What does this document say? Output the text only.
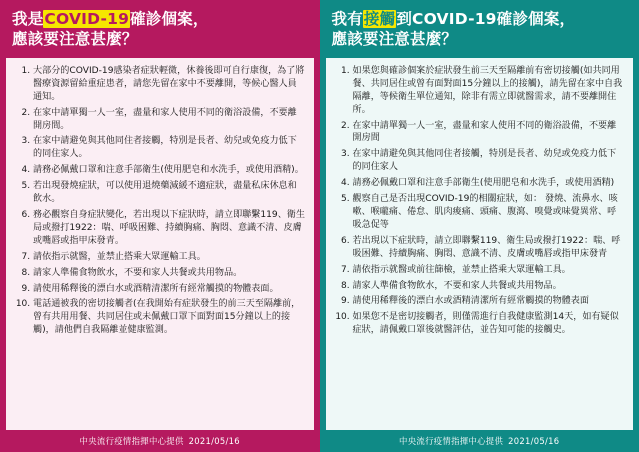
我是COVID-19確診個案，
應該要注意甚麼？
1. 大部分的COVID-19感染者症狀輕微，休養後即可自行康復，為了將醫療資源留給重症患者，請您先留在家中不要離開，等候心醫人員通知。
2. 在家中請單獨一人一室，盡量和家人使用不同的衛浴設備，不要離開房間。
3. 在家中請避免與其他同住者接觸，特別是長者、幼兒或免疫力低下的同住家人。
4. 請務必佩戴口罩和注意手部衛生(使用肥皂和水洗手，或使用酒精)。
5. 若出現發燒症狀，可以使用退燒藥減緩不適症狀，盡量私床休息和飲水。
6. 務必觀察自身症狀變化，若出現以下症狀時，請立即聯繫119、衛生局或撥打1922：喘、呼吸困難、持續胸痛、胸悶、意識不清、皮膚或嘴唇或指甲床發青。
7. 請依指示就醫，並禁止搭乘大眾運輸工具。
8. 請家人準備食物飲水，不要和家人共餐或共用物品。
9. 請使用稀釋後的漂白水或酒精清潔所有經常觸摸的物體表面。
10. 電話通被我的密切接觸者(在我開始有症狀發生的前三天至隔離前，曾有共用用餐、共同居住或未佩戴口罩下面對面15分鐘以上的接觸)，請他們自我隔離並健康監測。
中央流行疫情指揮中心提供 2021/05/16
我有接觸到COVID-19確診個案，
應該要注意甚麼？
1. 如果您與確診個案於症狀發生前三天至隔離前有密切接觸(如共同用餐、共同居住或曾有面對面15分鐘以上的接觸)，請先留在家中自我隔離，等候衛生單位通知，除非有需立即就醫需求，請不要離開住所。
2. 在家中請單獨一人一室，盡量和家人使用不同的衛浴設備，不要離開房間
3. 在家中請避免與其他同住者接觸，特別是長者、幼兒或免疫力低下的同住家人
4. 請務必佩戴口罩和注意手部衛生(使用肥皂和水洗手，或使用酒精)
5. 觀察自己是否出現COVID-19的相關症狀，如： 發燒、流鼻水、咳嗽、喉嚨痛、倦怠、肌肉痠痛、頭痛、腹瀉、嗅覺或味覺異常、呼吸急促等
6. 若出現以下症狀時，請立即聯繫119、衛生局或撥打1922：喘、呼吸困難、持續胸痛、胸悶、意識不清、皮膚或嘴唇或指甲床發青
7. 請依指示就醫或前往篩檢，並禁止搭乘大眾運輸工具。
8. 請家人準備食物飲水，不要和家人共餐或共用物品。
9. 請使用稀釋後的漂白水或酒精清潔所有經常觸摸的物體表面
10. 如果您不是密切接觸者，則僅需進行自我健康監測14天，如有疑似症狀，請佩戴口罩後就醫評估，並告知可能的接觸史。
中央流行疫情指揮中心提供 2021/05/16
